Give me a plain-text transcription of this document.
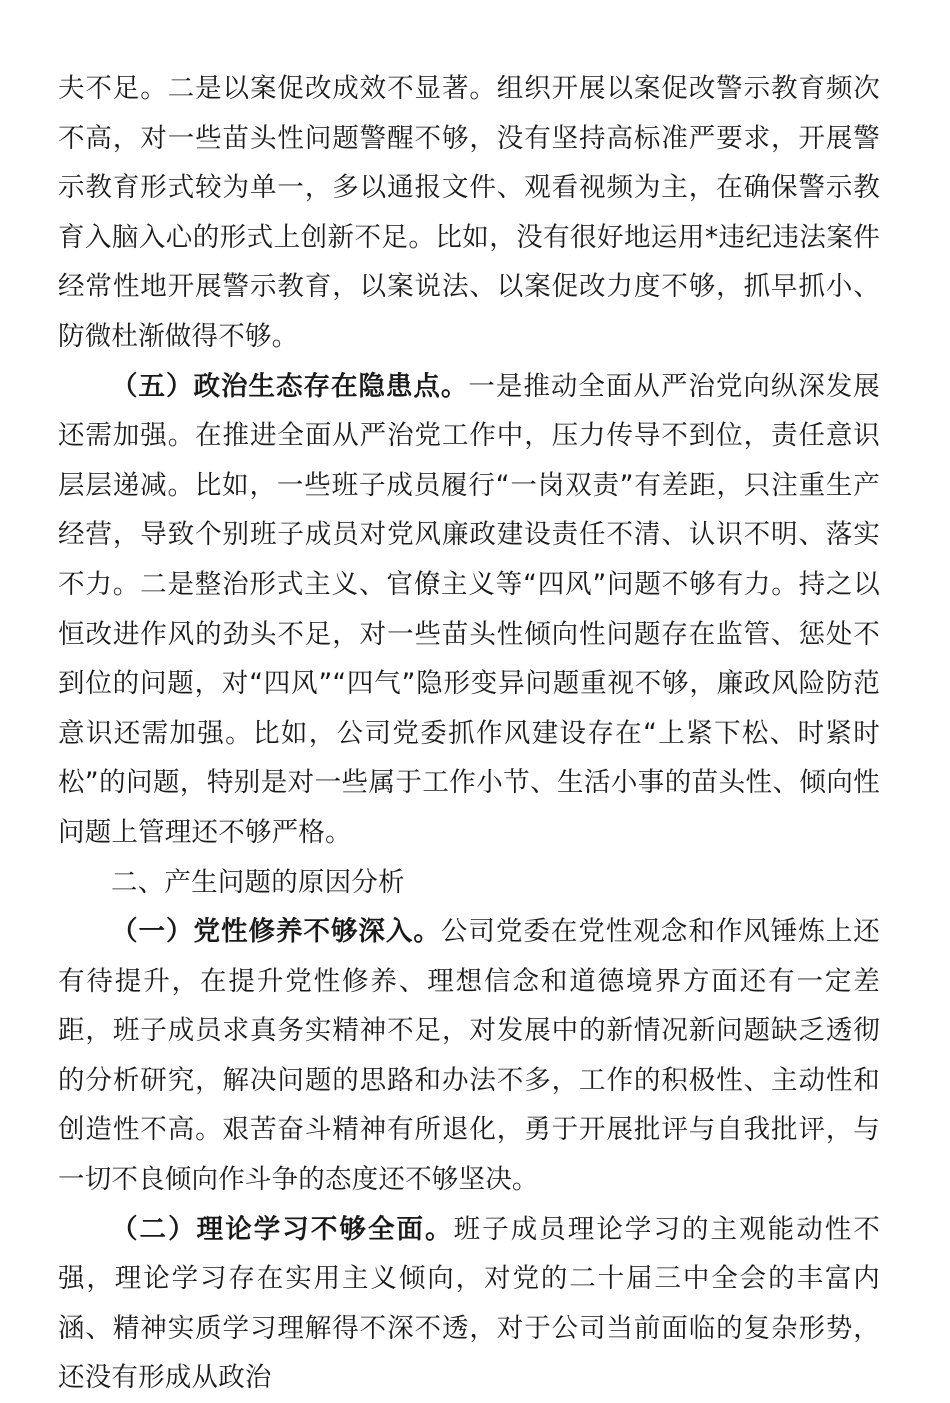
夫不足。二是以案促改成效不显著。组织开展以案促改警示教育频次不高，对一些苗头性问题警醒不够，没有坚持高标准严要求，开展警示教育形式较为单一，多以通报文件、观看视频为主，在确保警示教育入脑入心的形式上创新不足。比如，没有很好地运用*违纪违法案件经常性地开展警示教育，以案说法、以案促改力度不够，抓早抓小、防微杜渐做得不够。

（五）政治生态存在隐患点。一是推动全面从严治党向纵深发展还需加强。在推进全面从严治党工作中，压力传导不到位，责任意识层层递减。比如，一些班子成员履行“一岗双责”有差距，只注重生产经营，导致个别班子成员对党风廉政建设责任不清、认识不明、落实不力。二是整治形式主义、官僚主义等“四风”问题不够有力。持之以恒改进作风的劲头不足，对一些苗头性倾向性问题存在监管、惩处不到位的问题，对“四风”“四气”隐形变异问题重视不够，廉政风险防范意识还需加强。比如，公司党委抓作风建设存在“上紧下松、时紧时松”的问题，特别是对一些属于工作小节、生活小事的苗头性、倾向性问题上管理还不够严格。

二、产生问题的原因分析

（一）党性修养不够深入。公司党委在党性观念和作风锤炼上还有待提升，在提升党性修养、理想信念和道德境界方面还有一定差距，班子成员求真务实精神不足，对发展中的新情况新问题缺乏透彻的分析研究，解决问题的思路和办法不多，工作的积极性、主动性和创造性不高。艰苦奋斗精神有所退化，勇于开展批评与自我批评，与一切不良倾向作斗争的态度还不够坚决。

（二）理论学习不够全面。班子成员理论学习的主观能动性不强，理论学习存在实用主义倾向，对党的二十届三中全会的丰富内涵、精神实质学习理解得不深不透，对于公司当前面临的复杂形势，还没有形成从政治
